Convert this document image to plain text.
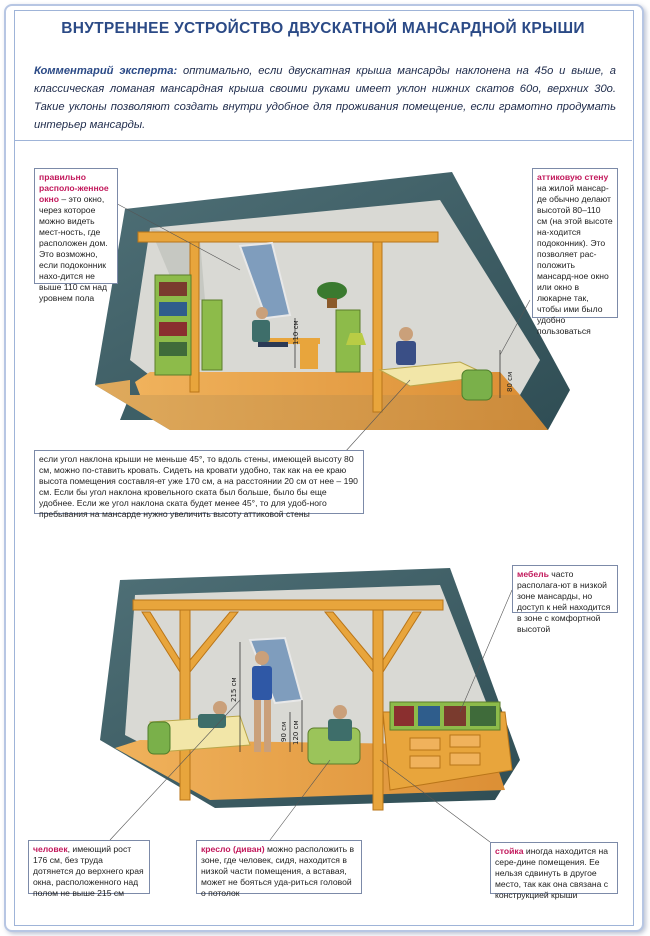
ВНУТРЕННЕЕ УСТРОЙСТВО ДВУСКАТНОЙ МАНСАРДНОЙ КРЫШИ
Комментарий эксперта: оптимально, если двускатная крыша мансарды наклонена на 45о и выше, а классическая ломаная мансардная крыша своими руками имеет уклон нижних скатов 60о, верхних 30о. Такие уклоны позволяют создать внутри удобное для проживания помещение, если грамотно продумать интерьер мансарды.
110 см
80 см
215 см
90 см 120 см
правильно располо-женное окно – это окно, через которое можно видеть мест-ность, где расположен дом. Это возможно, если подоконник нахо-дится не выше 110 см над уровнем пола
аттиковую стену на жилой мансар-де обычно делают высотой 80–110 см (на этой высоте на-ходится подоконник). Это позволяет рас-положить мансард-ное окно или окно в люкарне так, чтобы ими было удобно пользоваться
если угол наклона крыши не меньше 45°, то вдоль стены, имеющей высоту 80 см, можно по-ставить кровать. Сидеть на кровати удобно, так как на ее краю высота помещения составля-ет уже 170 см, а на расстоянии 20 см от нее – 190 см. Если бы угол наклона кровельного ската был больше, было бы еще удобнее. Если же угол наклона ската будет менее 45°, то для удоб-ного пребывания на мансарде нужно увеличить высоту аттиковой стены
мебель часто располага-ют в низкой зоне мансарды, но доступ к ней находится в зоне с комфортной высотой
человек, имеющий рост 176 см, без труда дотянется до верхнего края окна, расположенного над полом не выше 215 см
кресло (диван) можно расположить в зоне, где человек, сидя, находится в низкой части помещения, а вставая, может не бояться уда-риться головой о потолок
стойка иногда находится на сере-дине помещения. Ее нельзя сдвинуть в другое место, так как она связана с конструкцией крыши
